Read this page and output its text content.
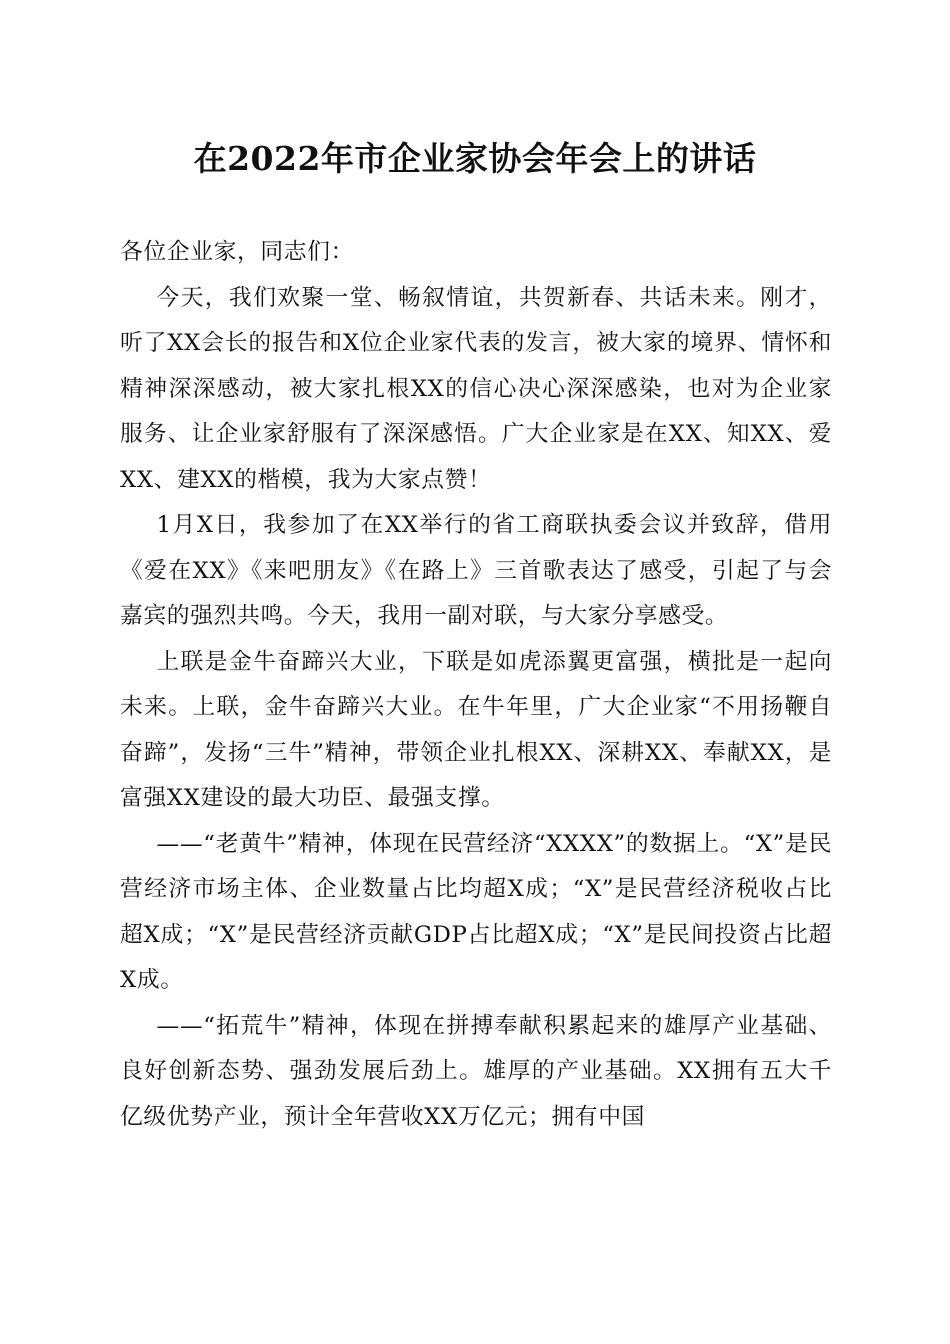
在2022年市企业家协会年会上的讲话

各位企业家，同志们：

今天，我们欢聚一堂、畅叙情谊，共贺新春、共话未来。刚才，听了XX会长的报告和X位企业家代表的发言，被大家的境界、情怀和精神深深感动，被大家扎根XX的信心决心深深感染，也对为企业家服务、让企业家舒服有了深深感悟。广大企业家是在XX、知XX、爱XX、建XX的楷模，我为大家点赞！

1月X日，我参加了在XX举行的省工商联执委会议并致辞，借用《爱在XX》《来吧朋友》《在路上》三首歌表达了感受，引起了与会嘉宾的强烈共鸣。今天，我用一副对联，与大家分享感受。

上联是金牛奋蹄兴大业，下联是如虎添翼更富强，横批是一起向未来。上联，金牛奋蹄兴大业。在牛年里，广大企业家“不用扬鞭自奋蹄”，发扬“三牛”精神，带领企业扎根XX、深耕XX、奉献XX，是富强XX建设的最大功臣、最强支撑。

——“老黄牛”精神，体现在民营经济“XXXX”的数据上。“X”是民营经济市场主体、企业数量占比均超X成；“X”是民营经济税收占比超X成；“X”是民营经济贡献GDP占比超X成；“X”是民间投资占比超X成。

——“拓荒牛”精神，体现在拼搏奉献积累起来的雄厚产业基础、良好创新态势、强劲发展后劲上。雄厚的产业基础。XX拥有五大千亿级优势产业，预计全年营收XX万亿元；拥有中国
